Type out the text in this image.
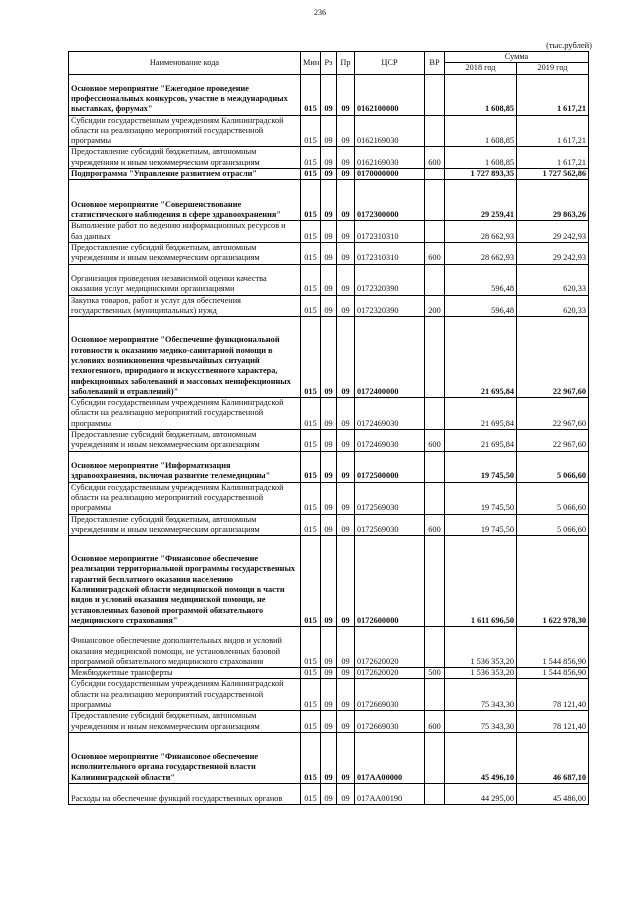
236
(тыс.рублей)
Наименование кода	Мин	Рз	Пр	ЦСР	ВР	Сумма	
						2018 год	2019 год
Основное мероприятие "Ежегодное проведение профессиональных конкурсов, участие в международных выставках, форумах"	015	09	09	0162100000		1 608,85	1 617,21
Субсидии государственным учреждениям Калининградской области на реализацию мероприятий государственной программы	015	09	09	0162169030		1 608,85	1 617,21
Предоставление субсидий бюджетным, автономным учреждениям и иным некоммерческим организациям	015	09	09	0162169030	600	1 608,85	1 617,21
Подпрограмма "Управление развитием отрасли"	015	09	09	0170000000		1 727 893,35	1 727 562,86
Основное мероприятие "Совершенствование статистического наблюдения в сфере здравоохранения"	015	09	09	0172300000		29 259,41	29 863,26
Выполнение работ по ведению информационных ресурсов и баз данных	015	09	09	0172310310		28 662,93	29 242,93
Предоставление субсидий бюджетным, автономным учреждениям и иным некоммерческим организациям	015	09	09	0172310310	600	28 662,93	29 242,93
Организация проведения независимой оценки качества оказания услуг медицинскими организациями	015	09	09	0172320390		596,48	620,33
Закупка товаров, работ и услуг для обеспечения государственных (муниципальных) нужд	015	09	09	0172320390	200	596,48	620,33
Основное мероприятие "Обеспечение функциональной готовности к оказанию медико-санитарной помощи в условиях возникновения чрезвычайных ситуаций техногенного, природного и искусственного характера, инфекционных заболеваний и массовых неинфекционных заболеваний и отравлений)"	015	09	09	0172400000		21 695,84	22 967,60
Субсидии государственным учреждениям Калининградской области на реализацию мероприятий государственной программы	015	09	09	0172469030		21 695,84	22 967,60
Предоставление субсидий бюджетным, автономным учреждениям и иным некоммерческим организациям	015	09	09	0172469030	600	21 695,84	22 967,60
Основное мероприятие "Информатизация здравоохранения, включая развитие телемедицины"	015	09	09	0172500000		19 745,50	5 066,60
Субсидии государственным учреждениям Калининградской области на реализацию мероприятий государственной программы	015	09	09	0172569030		19 745,50	5 066,60
Предоставление субсидий бюджетным, автономным учреждениям и иным некоммерческим организациям	015	09	09	0172569030	600	19 745,50	5 066,60
Основное мероприятие "Финансовое обеспечение реализации территориальной программы государственных гарантий бесплатного оказания населению Калининградской области медицинской помощи в части видов и условий оказания медицинской помощи, не установленных базовой программой обязательного медицинского страхования"	015	09	09	0172600000		1 611 696,50	1 622 978,30
Финансовое обеспечение дополнительных видов и условий оказания медицинской помощи, не установленных базовой программой обязательного медицинского страхования	015	09	09	0172620020		1 536 353,20	1 544 856,90
Межбюджетные трансферты	015	09	09	0172620020	500	1 536 353,20	1 544 856,90
Субсидии государственным учреждениям Калининградской области на реализацию мероприятий государственной программы	015	09	09	0172669030		75 343,30	78 121,40
Предоставление субсидий бюджетным, автономным учреждениям и иным некоммерческим организациям	015	09	09	0172669030	600	75 343,30	78 121,40
Основное мероприятие "Финансовое обеспечение исполнительного органа государственной власти Калининградской области"	015	09	09	017АА00000		45 496,10	46 687,10
Расходы на обеспечение функций государственных органов	015	09	09	017АА00190		44 295,00	45 486,00
